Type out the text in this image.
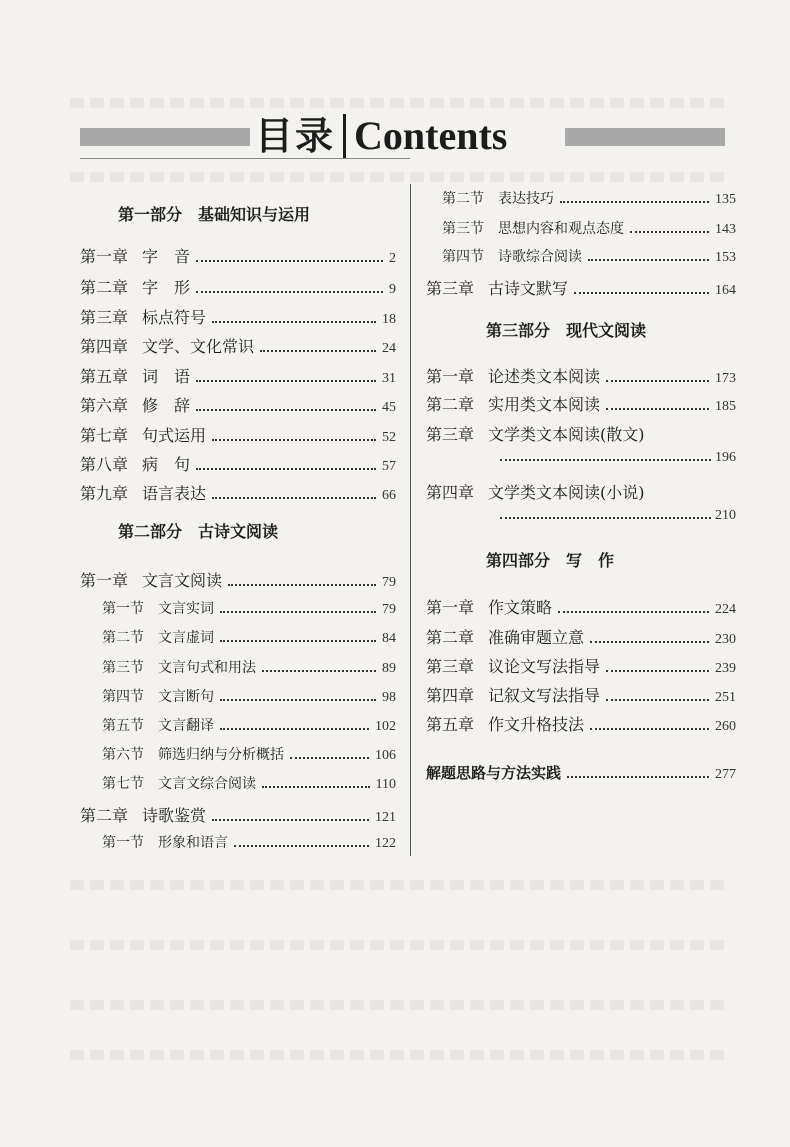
目录 Contents
第一部分　基础知识与运用
第一章 字　音	2
第二章 字　形	9
第三章 标点符号	18
第四章 文学、文化常识	24
第五章 词　语	31
第六章 修　辞	45
第七章 句式运用	52
第八章 病　句	57
第九章 语言表达	66
第二部分　古诗文阅读
第一章 文言文阅读	79
第一节 文言实词	79
第二节 文言虚词	84
第三节 文言句式和用法	89
第四节 文言断句	98
第五节 文言翻译	102
第六节 筛选归纳与分析概括	106
第七节 文言文综合阅读	110
第二章 诗歌鉴赏	121
第一节 形象和语言	122
第二节 表达技巧	135
第三节 思想内容和观点态度	143
第四节 诗歌综合阅读	153
第三章 古诗文默写	164
第三部分　现代文阅读
第一章 论述类文本阅读	173
第二章 实用类文本阅读	185
第三章 文学类文本阅读(散文)
196
第四章 文学类文本阅读(小说)
210
第四部分　写　作
第一章 作文策略	224
第二章 准确审题立意	230
第三章 议论文写法指导	239
第四章 记叙文写法指导	251
第五章 作文升格技法	260
解题思路与方法实践	277
